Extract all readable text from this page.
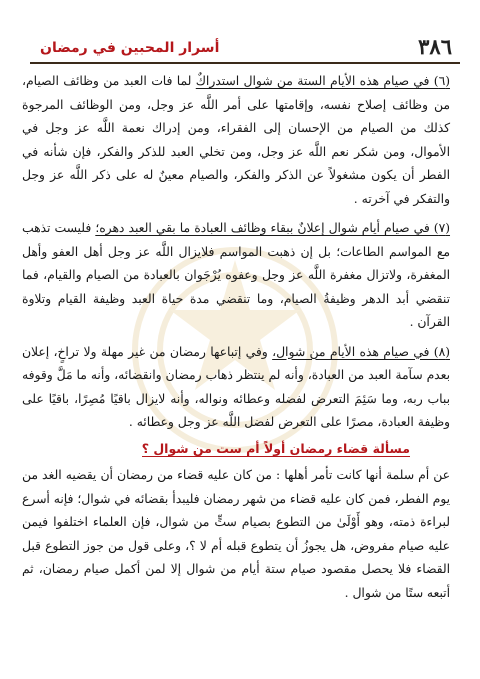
٣٨٦
أسرار المحبين في رمضان

(٦) في صيام هذه الأيام الستة من شوال استدراكٌ لما فات العبد من وظائف الصيام، من وظائف إصلاح نفسه، وإقامتها على أمر اللَّه عز وجل، ومن الوظائف المرجوة كذلك من الصيام من الإحسان إلى الفقراء، ومن إدراك نعمة اللَّه عز وجل في الأموال، ومن شكر نعم اللَّه عز وجل، ومن تخلي العبد للذكر والفكر، فإن شأنه في الفطر أن يكون مشغولاً عن الذكر والفكر، والصيام معينٌ له على ذكر اللَّه عز وجل والتفكر في آخرته .

(٧) في صيام أيام شوال إعلانٌ ببقاء وظائف العبادة ما بقي العبد دهره؛ فليست تذهب مع المواسم الطاعات؛ بل إن ذهبت المواسم فلايزال اللَّه عز وجل أهل العفو وأهل المغفرة، ولاتزال مغفرة اللَّه عز وجل وعفوه يُرْجَوان بالعبادة من الصيام والقيام، فما تنقضي أبد الدهر وظيفةُ الصيام، وما تنقضي مدة حياة العبد وظيفة القيام وتلاوة القرآن .

(٨) في صيام هذه الأيام من شوال، وفي إتباعها رمضان من غير مهلة ولا تراخٍ، إعلان بعدم سآمة العبد من العبادة، وأنه لم ينتظر ذهاب رمضان وانقضائه، وأنه ما مَلَّ وقوفه بباب ربه، وما سَئِمَ التعرض لفضله وعطائه ونواله، وأنه لايزال باقيًا مُصِرًا، باقيًا على وظيفة العبادة، مصرًا على التعرض لفضل اللَّه عز وجل وعطائه .

مسألة قضاء رمضان أولاً أم ست من شوال ؟

عن أم سلمة أنها كانت تأمر أهلها : من كان عليه قضاء من رمضان أن يقضيه الغد من يوم الفطر، فمن كان عليه قضاء من شهر رمضان فليبدأ بقضائه في شوال؛ فإنه أسرع لبراءة ذمته، وهو أَوْلَىٰ من التطوع بصيام ستٍّ من شوال، فإن العلماء اختلفوا فيمن عليه صيام مفروض، هل يجوزُ أن يتطوع قبله أم لا ؟، وعلى قول من جوز التطوع قبل القضاء فلا يحصل مقصود صيام ستة أيام من شوال إلا لمن أكمل صيام رمضان، ثم أتبعه ستًا من شوال .
